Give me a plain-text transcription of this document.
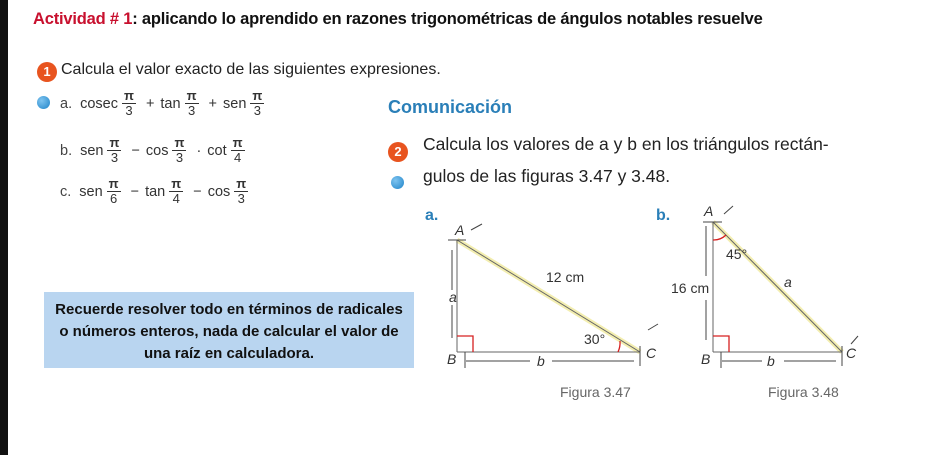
Actividad # 1: aplicando lo aprendido en razones trigonométricas de ángulos notables resuelve
1 Calcula el valor exacto de las siguientes expresiones.
a. cosec $\frac{\pi}{3} + \tan \frac{\pi}{3}$ + sen $\frac{\pi}{3}$
b. sen $\frac{\pi}{3} - \cos \frac{\pi}{3} \cdot \cot \frac{\pi}{4}$
c. sen $\frac{\pi}{6} - \tan \frac{\pi}{4} - \cos \frac{\pi}{3}$
Comunicación
2	Calcula los valores de a y b en los triángulos rectán-
gulos de las figuras 3.47 y 3.48.
a.
A
B	C
12 cm
a
b
30°
Figura 3.47
b. A
B	C
a
16 cm
b
45°
Figura 3.48
Recuerde resolver todo en términos de radicales
o números enteros, nada de calcular el valor de
una raíz en calculadora.
